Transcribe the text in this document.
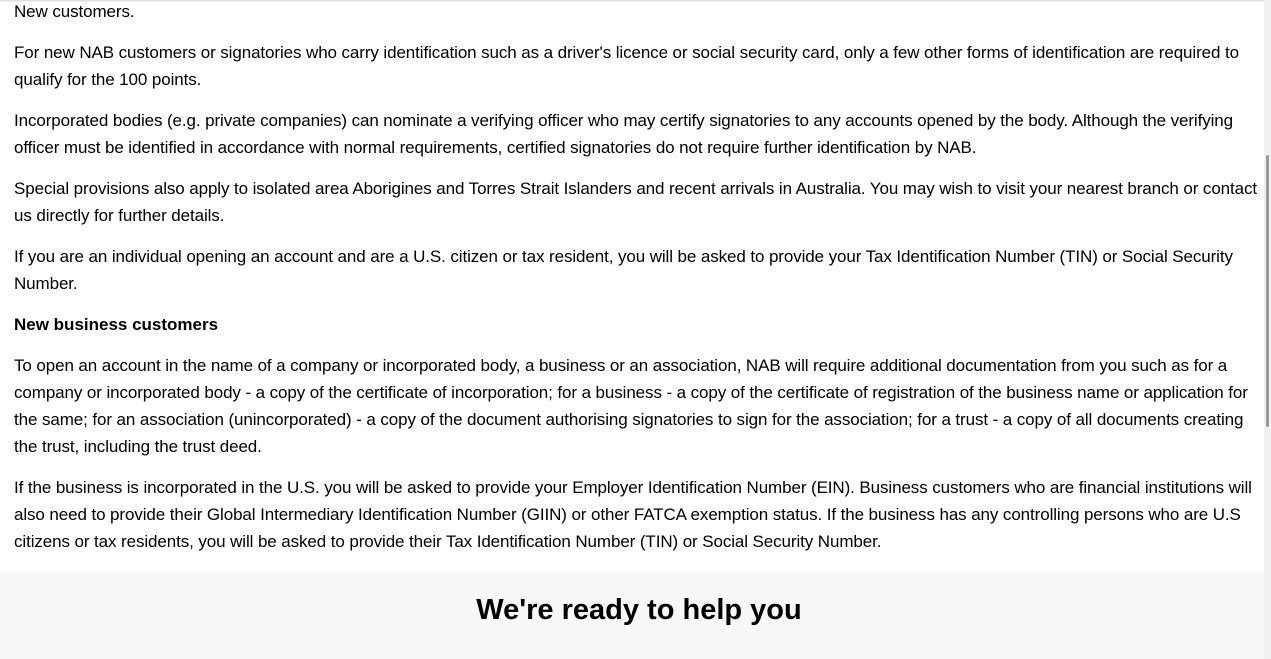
New customers.

For new NAB customers or signatories who carry identification such as a driver's licence or social security card, only a few other forms of identification are required to qualify for the 100 points.

Incorporated bodies (e.g. private companies) can nominate a verifying officer who may certify signatories to any accounts opened by the body. Although the verifying officer must be identified in accordance with normal requirements, certified signatories do not require further identification by NAB.

Special provisions also apply to isolated area Aborigines and Torres Strait Islanders and recent arrivals in Australia. You may wish to visit your nearest branch or contact us directly for further details.

If you are an individual opening an account and are a U.S. citizen or tax resident, you will be asked to provide your Tax Identification Number (TIN) or Social Security Number.

New business customers

To open an account in the name of a company or incorporated body, a business or an association, NAB will require additional documentation from you such as for a company or incorporated body - a copy of the certificate of incorporation; for a business - a copy of the certificate of registration of the business name or application for the same; for an association (unincorporated) - a copy of the document authorising signatories to sign for the association; for a trust - a copy of all documents creating the trust, including the trust deed.

If the business is incorporated in the U.S. you will be asked to provide your Employer Identification Number (EIN). Business customers who are financial institutions will also need to provide their Global Intermediary Identification Number (GIIN) or other FATCA exemption status. If the business has any controlling persons who are U.S citizens or tax residents, you will be asked to provide their Tax Identification Number (TIN) or Social Security Number.

We're ready to help you
